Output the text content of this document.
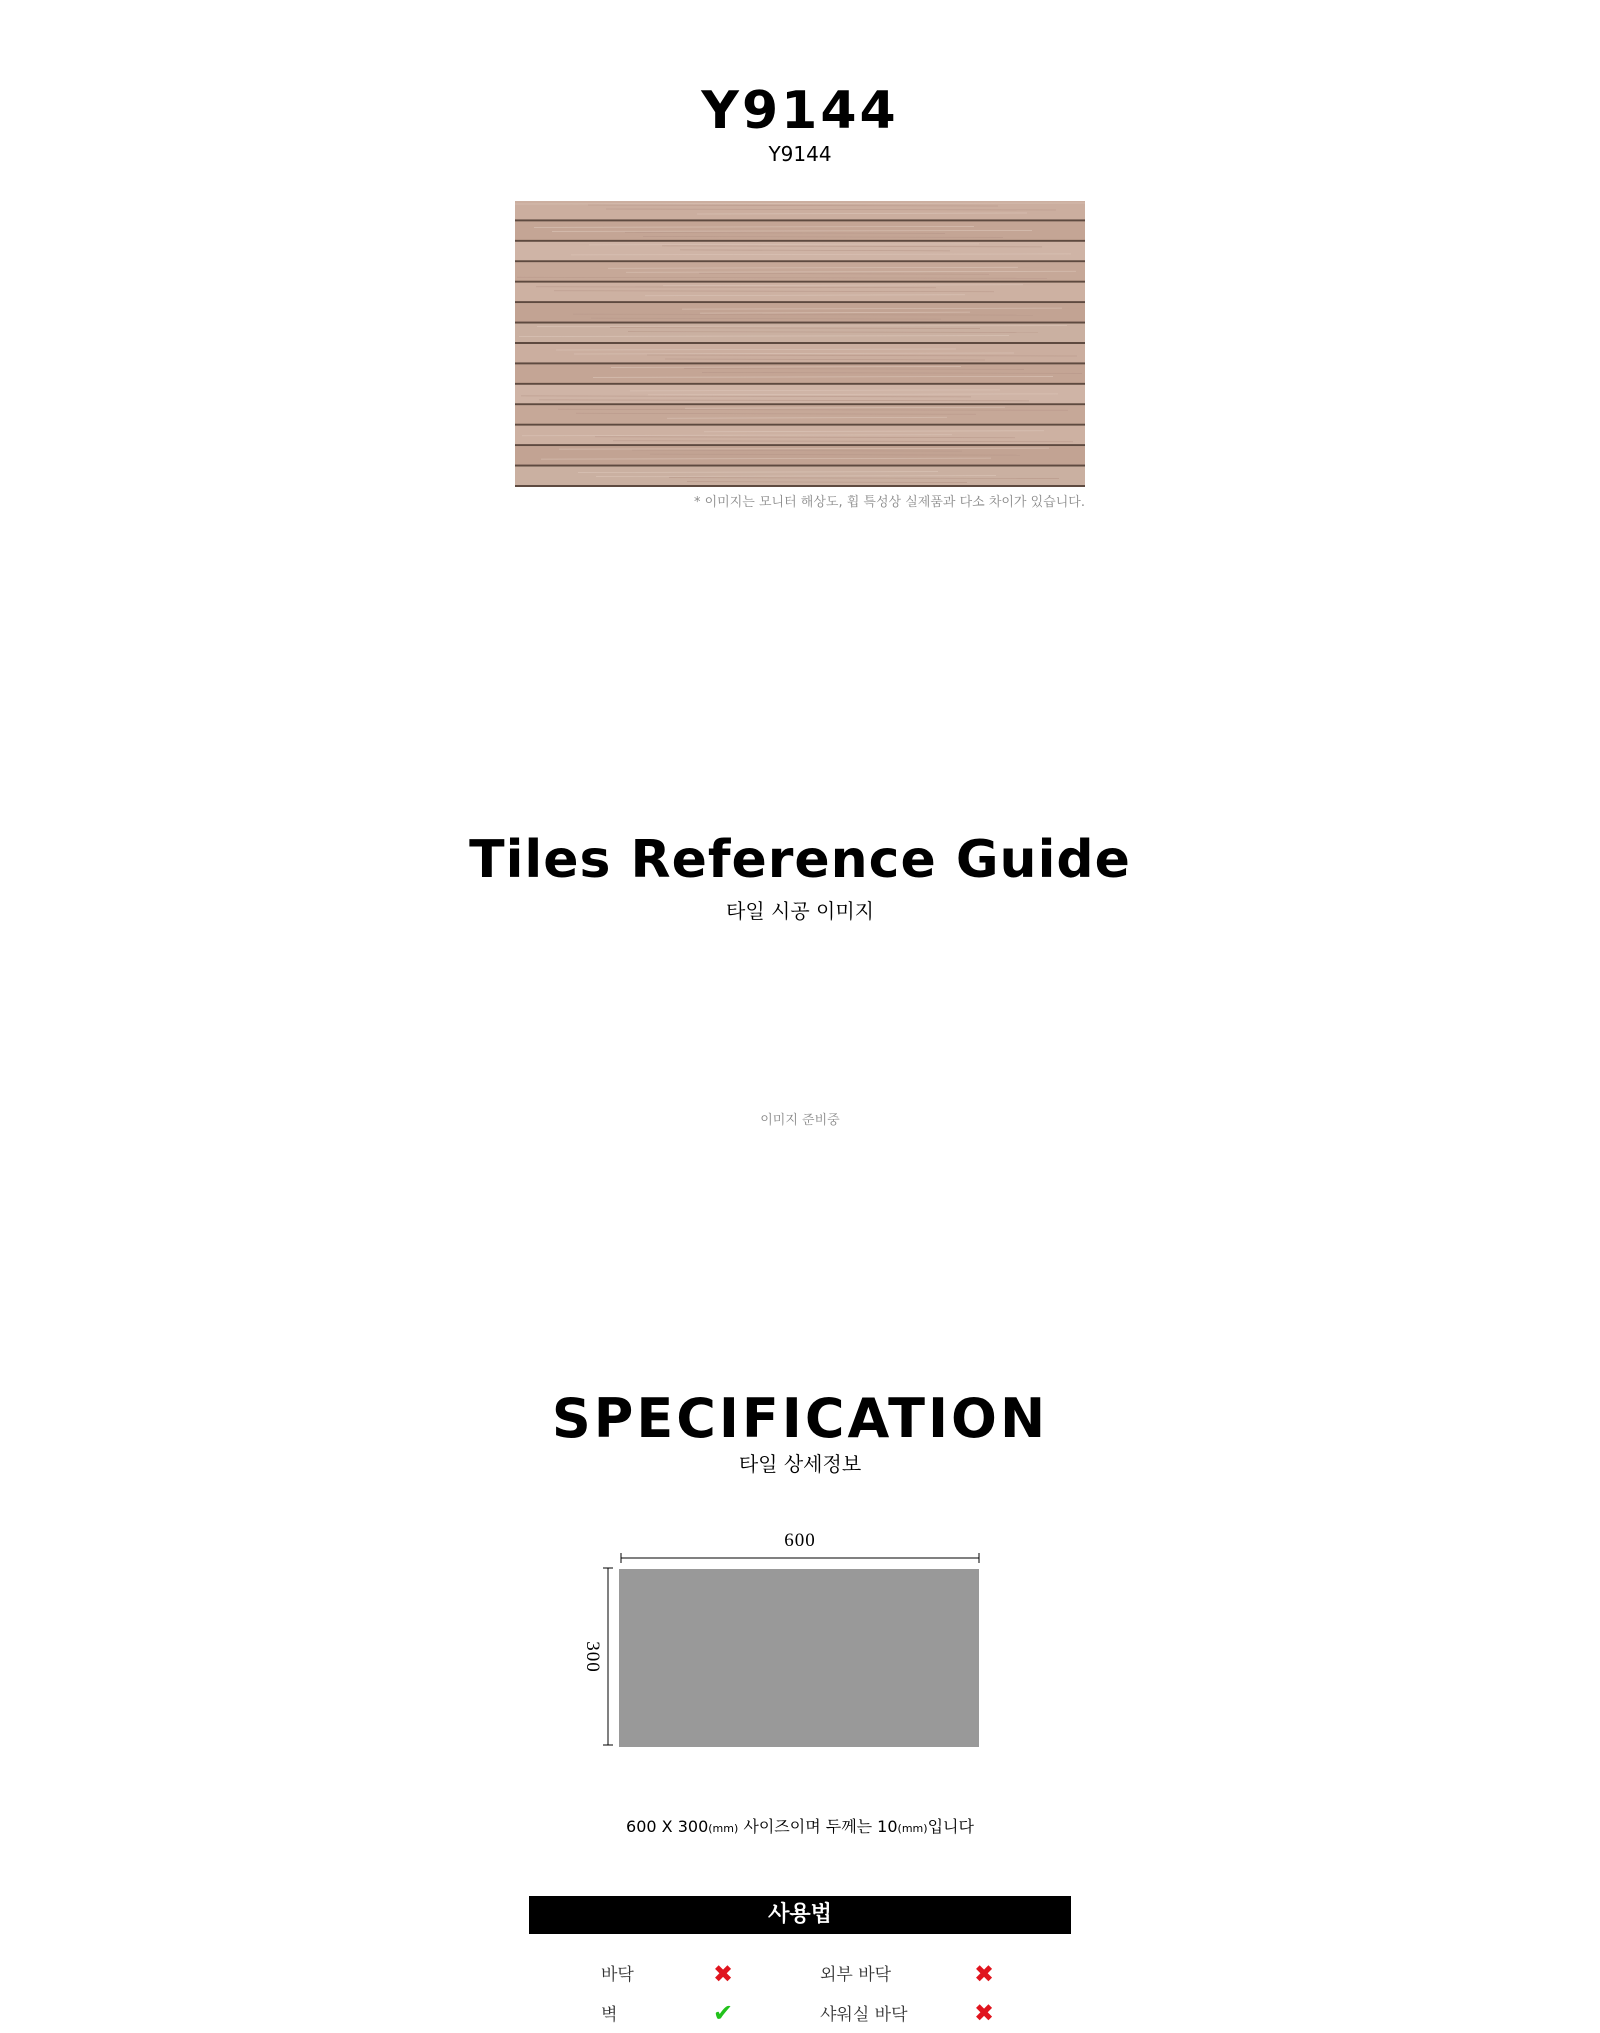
Y9144
Y9144
* 이미지는 모니터 해상도, 휩 특성상 실제품과 다소 차이가 있습니다.
Tiles Reference Guide
타일 시공 이미지
이미지 준비중
SPECIFICATION
타일 상세정보
600
300
600 X 300(mm) 사이즈이며 두께는 10(mm)입니다
사용법
바닥	✖	외부 바닥	✖
벽	✔	샤워실 바닥	✖
